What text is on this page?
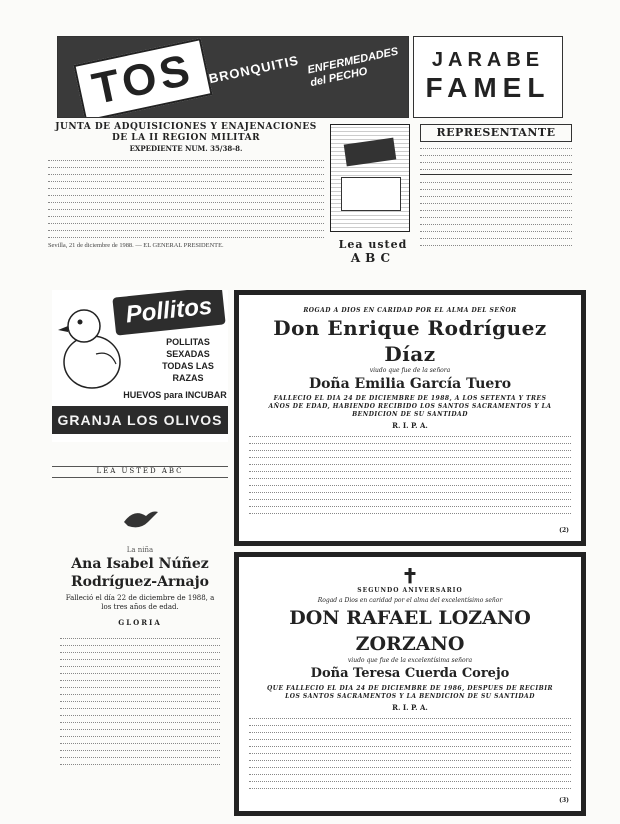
TOS BRONQUITIS ENFERMEDADES del PECHO
JARABE
FAMEL
JUNTA DE ADQUISICIONES Y ENAJENACIONES
DE LA II REGION MILITAR
EXPEDIENTE NUM. 35/38-8.
Sevilla, 21 de diciembre de 1988. — EL GENERAL PRESIDENTE.	Lea usted
ABC
REPRESENTANTE
Pollitos
POLLITAS
SEXADAS
TODAS LAS
RAZAS
HUEVOS para INCUBAR
GRANJA LOS OLIVOS
LEA USTED ABC
La niña
Ana Isabel Núñez
Rodríguez-Arnajo
Falleció el día 22 de diciembre de 1988, a los tres años de edad.
GLORIA
ROGAD A DIOS EN CARIDAD POR EL ALMA DEL SEÑOR
Don Enrique Rodríguez Díaz
viudo que fue de la señora
Doña Emilia García Tuero
FALLECIO EL DIA 24 DE DICIEMBRE DE 1988, A LOS SETENTA Y TRES AÑOS DE EDAD, HABIENDO RECIBIDO LOS SANTOS SACRAMENTOS Y LA BENDICION DE SU SANTIDAD
R. I. P. A.
(2)
✝
SEGUNDO ANIVERSARIO
Rogad a Dios en caridad por el alma del excelentísimo señor
DON RAFAEL LOZANO ZORZANO
viudo que fue de la excelentísima señora
Doña Teresa Cuerda Corejo
QUE FALLECIO EL DIA 24 DE DICIEMBRE DE 1986, DESPUES DE RECIBIR LOS SANTOS SACRAMENTOS Y LA BENDICION DE SU SANTIDAD
R. I. P. A.
(3)
